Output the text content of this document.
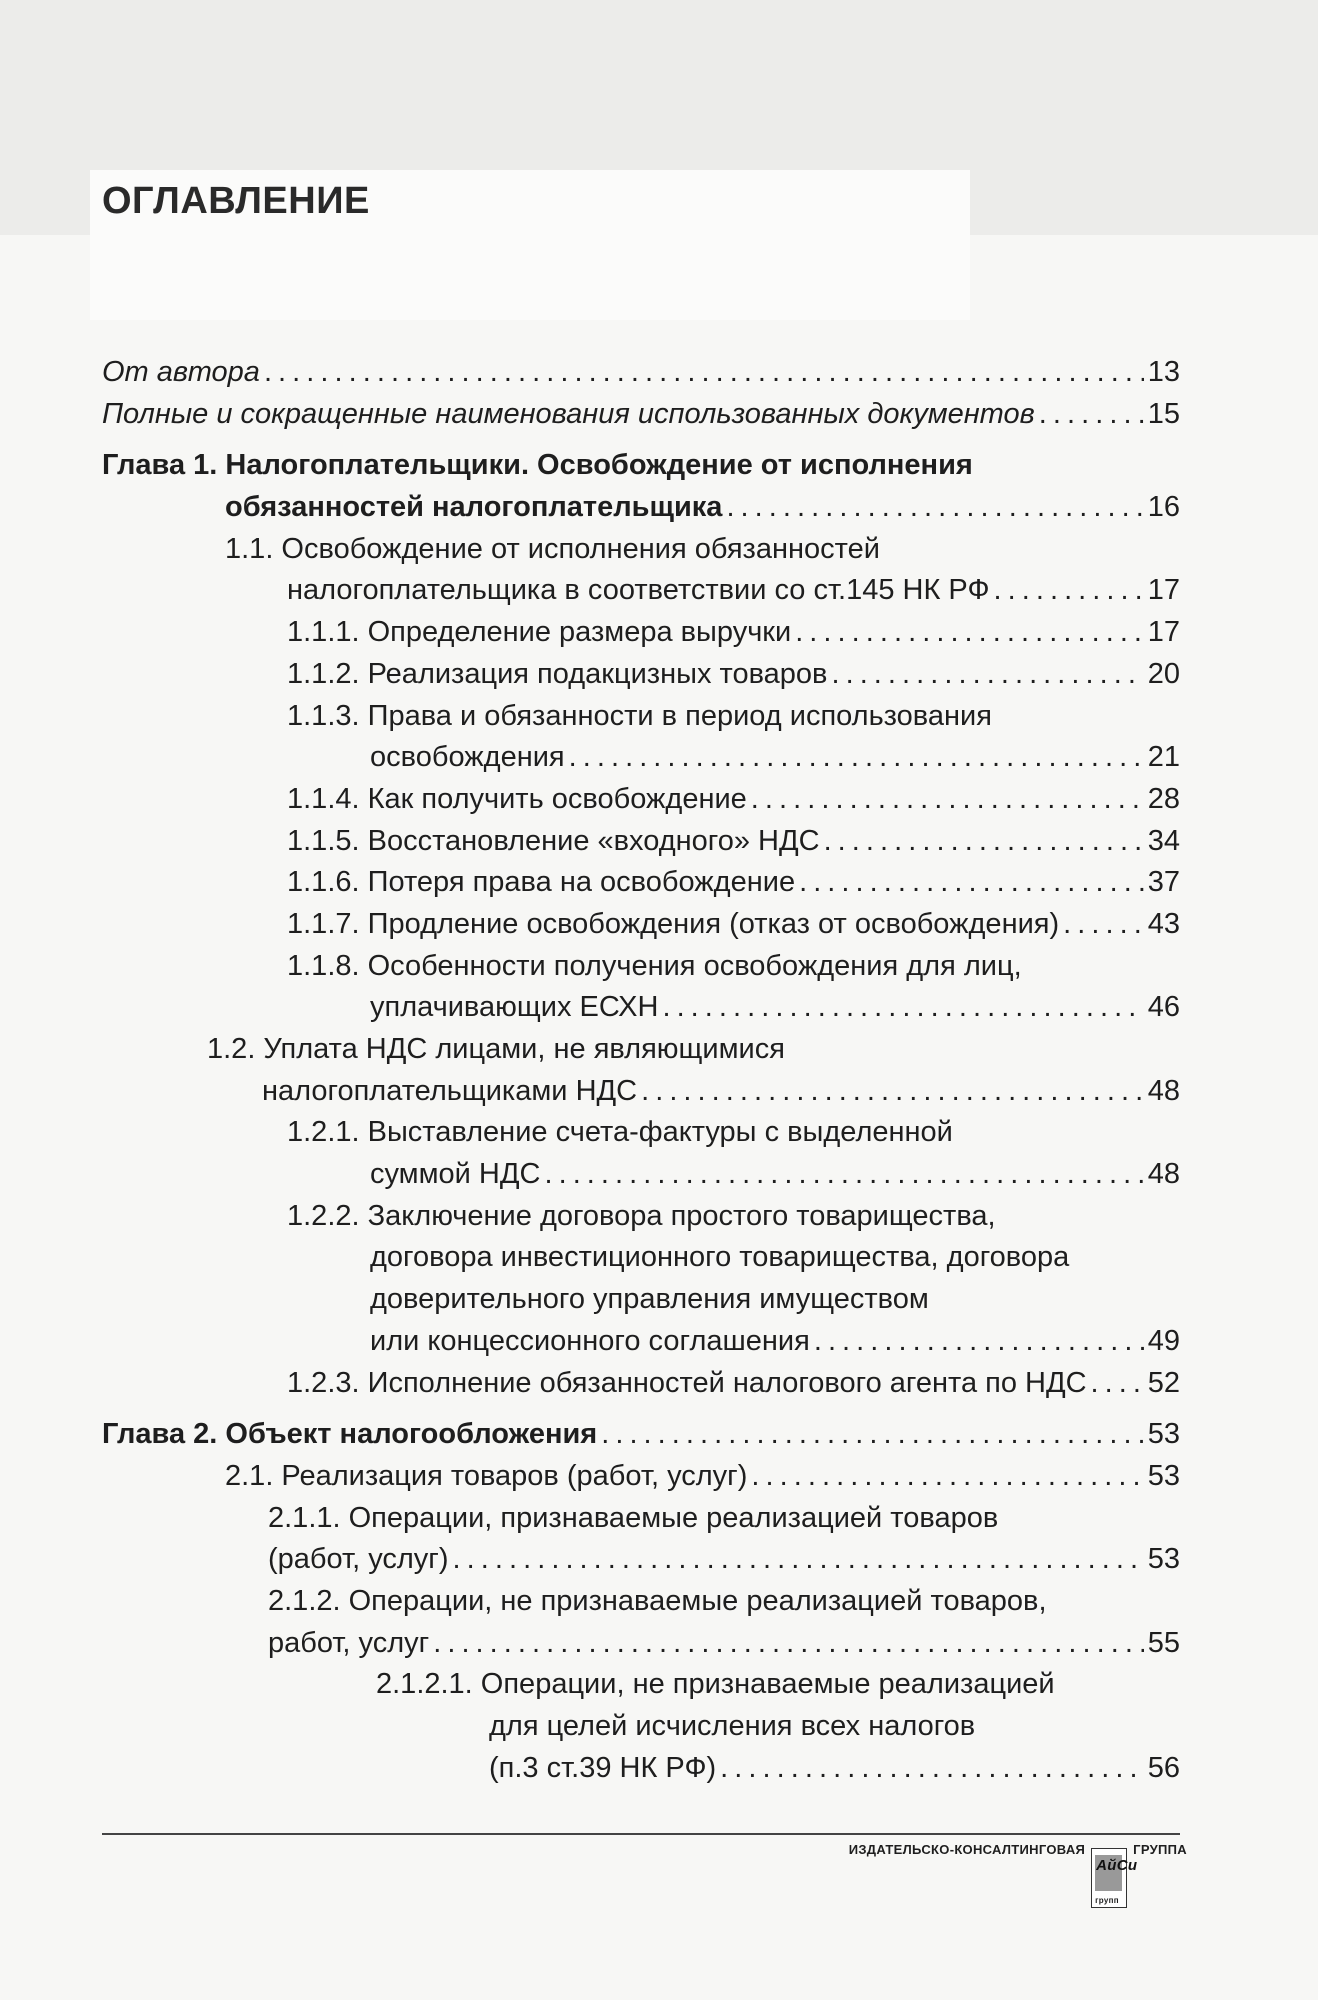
ОГЛАВЛЕНИЕ
От автора . . .	13
Полные и сокращенные наименования использованных документов . . .	15
Глава 1. Налогоплательщики. Освобождение от исполнения
обязанностей налогоплательщика . . .	16
1.1. Освобождение от исполнения обязанностей
налогоплательщика в соответствии со ст.145 НК РФ . . .	17
1.1.1. Определение размера выручки . . .	17
1.1.2. Реализация подакцизных товаров . . .	20
1.1.3. Права и обязанности в период использования
освобождения . . .	21
1.1.4. Как получить освобождение . . .	28
1.1.5. Восстановление «входного» НДС . . .	34
1.1.6. Потеря права на освобождение . . .	37
1.1.7. Продление освобождения (отказ от освобождения) . . .	43
1.1.8. Особенности получения освобождения для лиц,
уплачивающих ЕСХН . . .	46
1.2. Уплата НДС лицами, не являющимися
налогоплательщиками НДС . . .	48
1.2.1. Выставление счета-фактуры с выделенной
суммой НДС . . .	48
1.2.2. Заключение договора простого товарищества,
договора инвестиционного товарищества, договора
доверительного управления имуществом
или концессионного соглашения . . .	49
1.2.3. Исполнение обязанностей налогового агента по НДС . . . 52
Глава 2. Объект налогообложения . . .	53
2.1. Реализация товаров (работ, услуг) . . .	53
2.1.1. Операции, признаваемые реализацией товаров
(работ, услуг) . . .	53
2.1.2. Операции, не признаваемые реализацией товаров,
работ, услуг . . .	55
2.1.2.1. Операции, не признаваемые реализацией
для целей исчисления всех налогов
(п.3 ст.39 НК РФ) . . .	56
ИЗДАТЕЛЬСКО-КОНСАЛТИНГОВАЯ
АйСи
групп
ГРУППА
